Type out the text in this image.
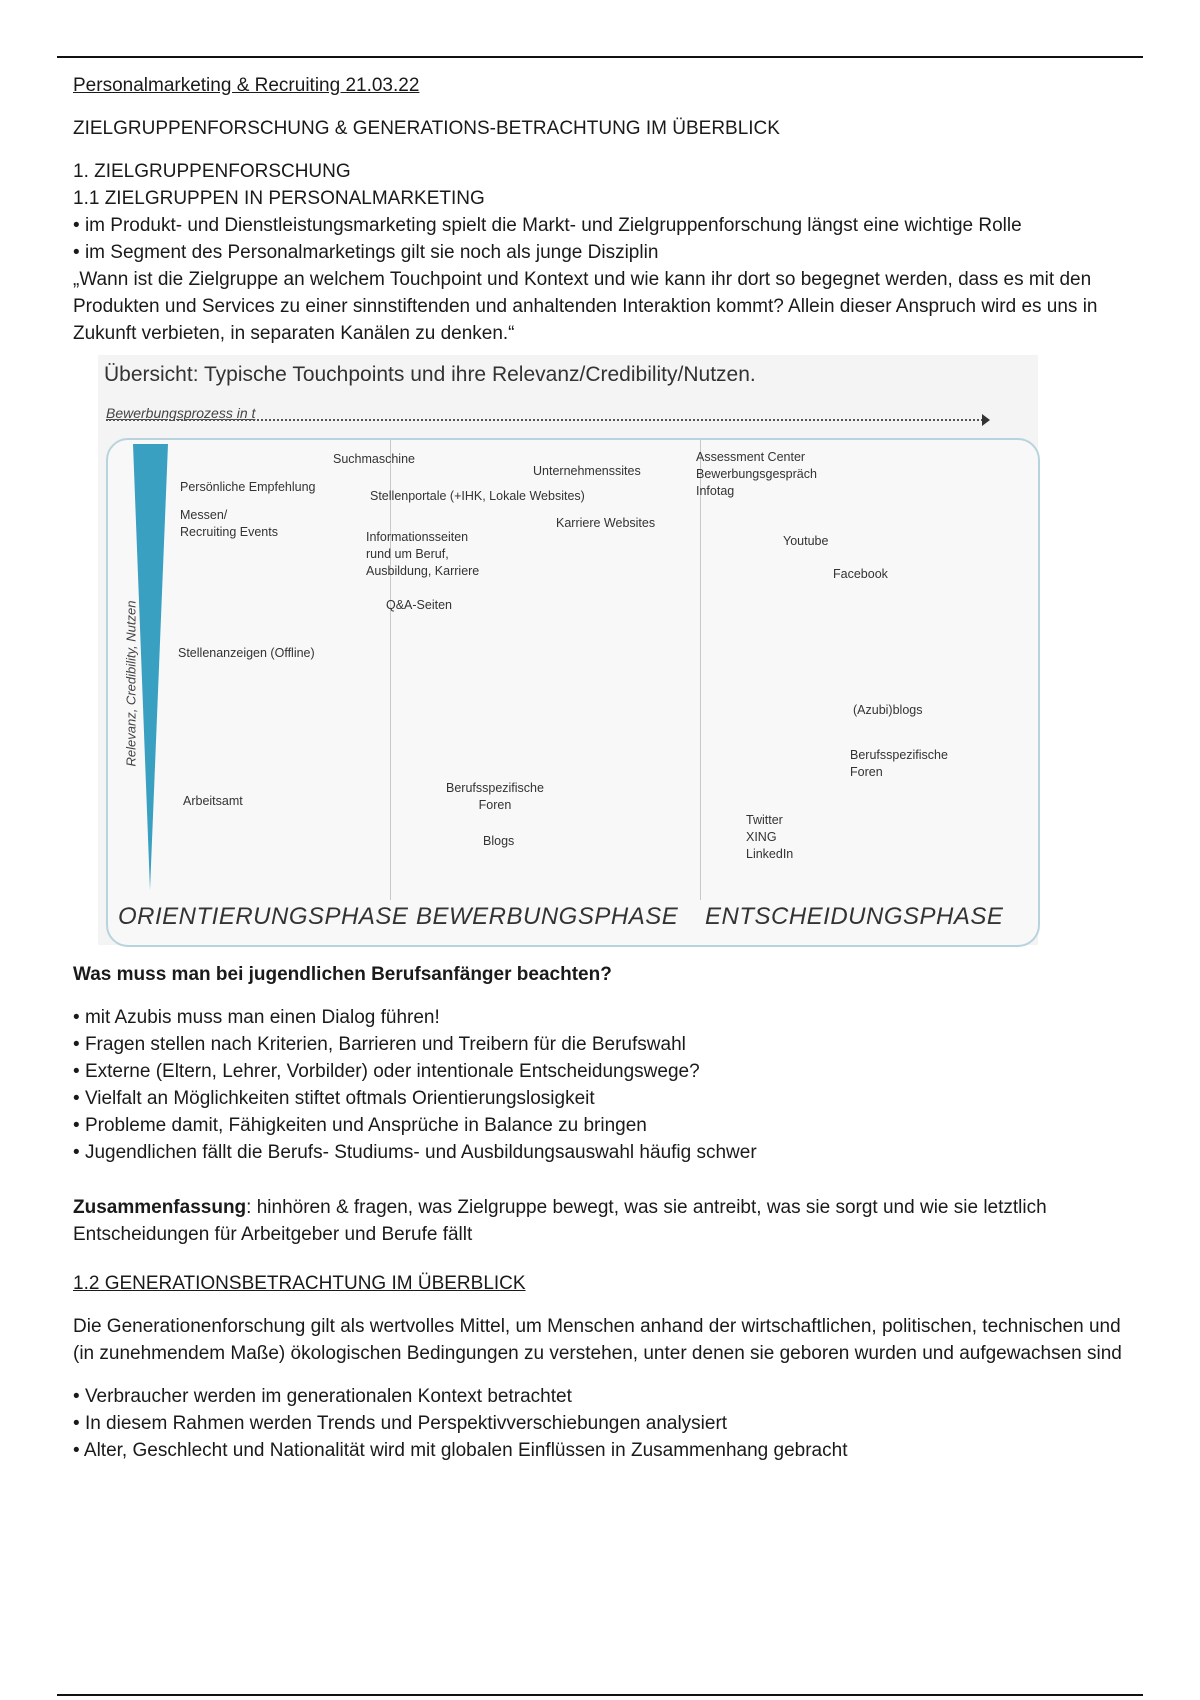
Personalmarketing & Recruiting 21.03.22

ZIELGRUPPENFORSCHUNG & GENERATIONS-BETRACHTUNG IM ÜBERBLICK

1. ZIELGRUPPENFORSCHUNG

1.1 ZIELGRUPPEN IN PERSONALMARKETING

• im Produkt- und Dienstleistungsmarketing spielt die Markt- und Zielgruppenforschung längst eine wichtige Rolle

• im Segment des Personalmarketings gilt sie noch als junge Disziplin

„Wann ist die Zielgruppe an welchem Touchpoint und Kontext und wie kann ihr dort so begegnet werden, dass es mit den Produkten und Services zu einer sinnstiftenden und anhaltenden Interaktion kommt? Allein dieser Anspruch wird es uns in Zukunft verbieten, in separaten Kanälen zu denken.“

Übersicht: Typische Touchpoints und ihre Relevanz/Credibility/Nutzen.
Bewerbungsprozess in t
Relevanz, Credibility, Nutzen
Persönliche Empfehlung
Messen/
Recruiting Events
Stellenanzeigen (Offline)
Arbeitsamt
Suchmaschine
Stellenportale (+IHK, Lokale Websites)
Informationsseiten
rund um Beruf,
Ausbildung, Karriere
Q&A-Seiten
Unternehmenssites
Karriere Websites
Berufsspezifische
Foren
Blogs
Assessment Center
Bewerbungsgespräch
Infotag
Youtube
Facebook
(Azubi)blogs
Berufsspezifische
Foren
Twitter
XING
LinkedIn
ORIENTIERUNGSPHASE BEWERBUNGSPHASE ENTSCHEIDUNGSPHASE

Was muss man bei jugendlichen Berufsanfänger beachten?

• mit Azubis muss man einen Dialog führen!

• Fragen stellen nach Kriterien, Barrieren und Treibern für die Berufswahl

• Externe (Eltern, Lehrer, Vorbilder) oder intentionale Entscheidungswege?

• Vielfalt an Möglichkeiten stiftet oftmals Orientierungslosigkeit

• Probleme damit, Fähigkeiten und Ansprüche in Balance zu bringen

• Jugendlichen fällt die Berufs- Studiums- und Ausbildungsauswahl häufig schwer

Zusammenfassung: hinhören & fragen, was Zielgruppe bewegt, was sie antreibt, was sie sorgt und wie sie letztlich Entscheidungen für Arbeitgeber und Berufe fällt

1.2 GENERATIONSBETRACHTUNG IM ÜBERBLICK

Die Generationenforschung gilt als wertvolles Mittel, um Menschen anhand der wirtschaftlichen, politischen, technischen und (in zunehmendem Maße) ökologischen Bedingungen zu verstehen, unter denen sie geboren wurden und aufgewachsen sind

• Verbraucher werden im generationalen Kontext betrachtet

• In diesem Rahmen werden Trends und Perspektivverschiebungen analysiert

• Alter, Geschlecht und Nationalität wird mit globalen Einflüssen in Zusammenhang gebracht
